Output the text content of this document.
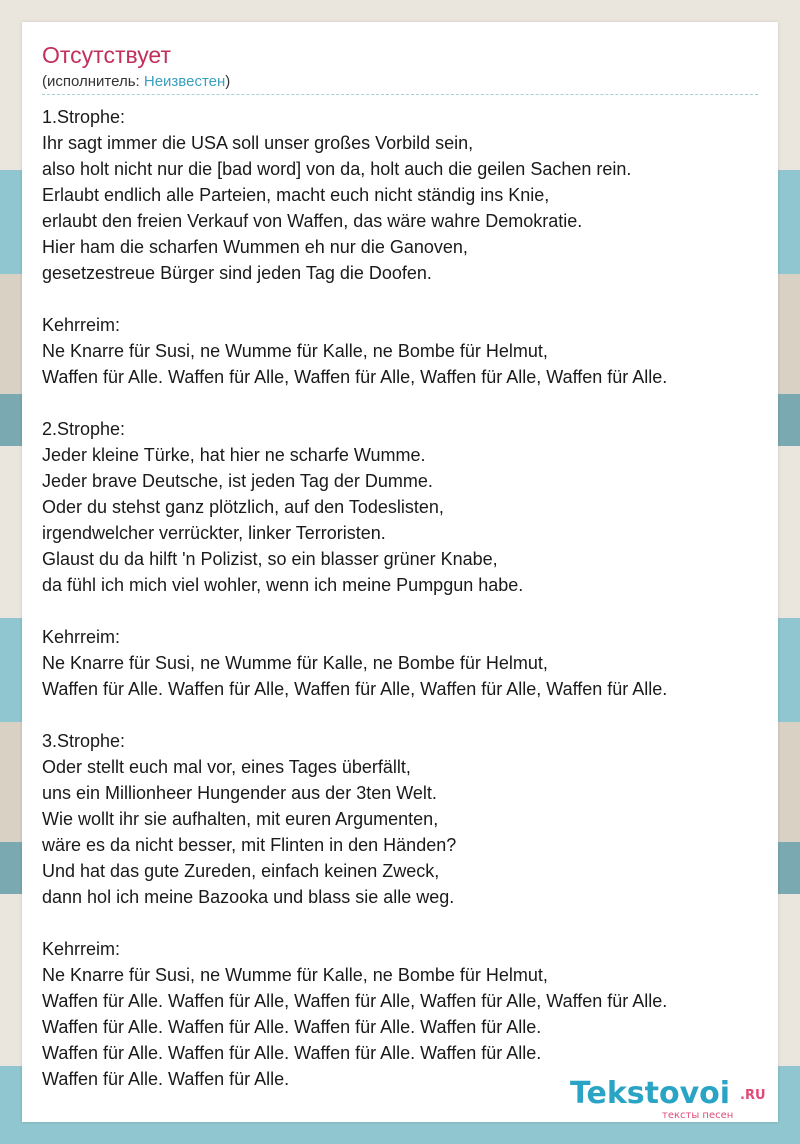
Отсутствует
(исполнитель: Неизвестен)
1.Strophe:
Ihr sagt immer die USA soll unser großes Vorbild sein,
also holt nicht nur die [bad word] von da, holt auch die geilen Sachen rein.
Erlaubt endlich alle Parteien, macht euch nicht ständig ins Knie,
erlaubt den freien Verkauf von Waffen, das wäre wahre Demokratie.
Hier ham die scharfen Wummen eh nur die Ganoven,
gesetzestreue Bürger sind jeden Tag die Doofen.
Kehrreim:
Ne Knarre für Susi, ne Wumme für Kalle, ne Bombe für Helmut,
Waffen für Alle. Waffen für Alle, Waffen für Alle, Waffen für Alle, Waffen für Alle.
2.Strophe:
Jeder kleine Türke, hat hier ne scharfe Wumme.
Jeder brave Deutsche, ist jeden Tag der Dumme.
Oder du stehst ganz plötzlich, auf den Todeslisten,
irgendwelcher verrückter, linker Terroristen.
Glaust du da hilft 'n Polizist, so ein blasser grüner Knabe,
da fühl ich mich viel wohler, wenn ich meine Pumpgun habe.
Kehrreim:
Ne Knarre für Susi, ne Wumme für Kalle, ne Bombe für Helmut,
Waffen für Alle. Waffen für Alle, Waffen für Alle, Waffen für Alle, Waffen für Alle.
3.Strophe:
Oder stellt euch mal vor, eines Tages überfällt,
uns ein Millionheer Hungender aus der 3ten Welt.
Wie wollt ihr sie aufhalten, mit euren Argumenten,
wäre es da nicht besser, mit Flinten in den Händen?
Und hat das gute Zureden, einfach keinen Zweck,
dann hol ich meine Bazooka und blass sie alle weg.
Kehrreim:
Ne Knarre für Susi, ne Wumme für Kalle, ne Bombe für Helmut,
Waffen für Alle. Waffen für Alle, Waffen für Alle, Waffen für Alle, Waffen für Alle.
Waffen für Alle. Waffen für Alle. Waffen für Alle. Waffen für Alle.
Waffen für Alle. Waffen für Alle. Waffen für Alle. Waffen für Alle.
Waffen für Alle. Waffen für Alle.	Tekstovoi .RU
тексты песен
